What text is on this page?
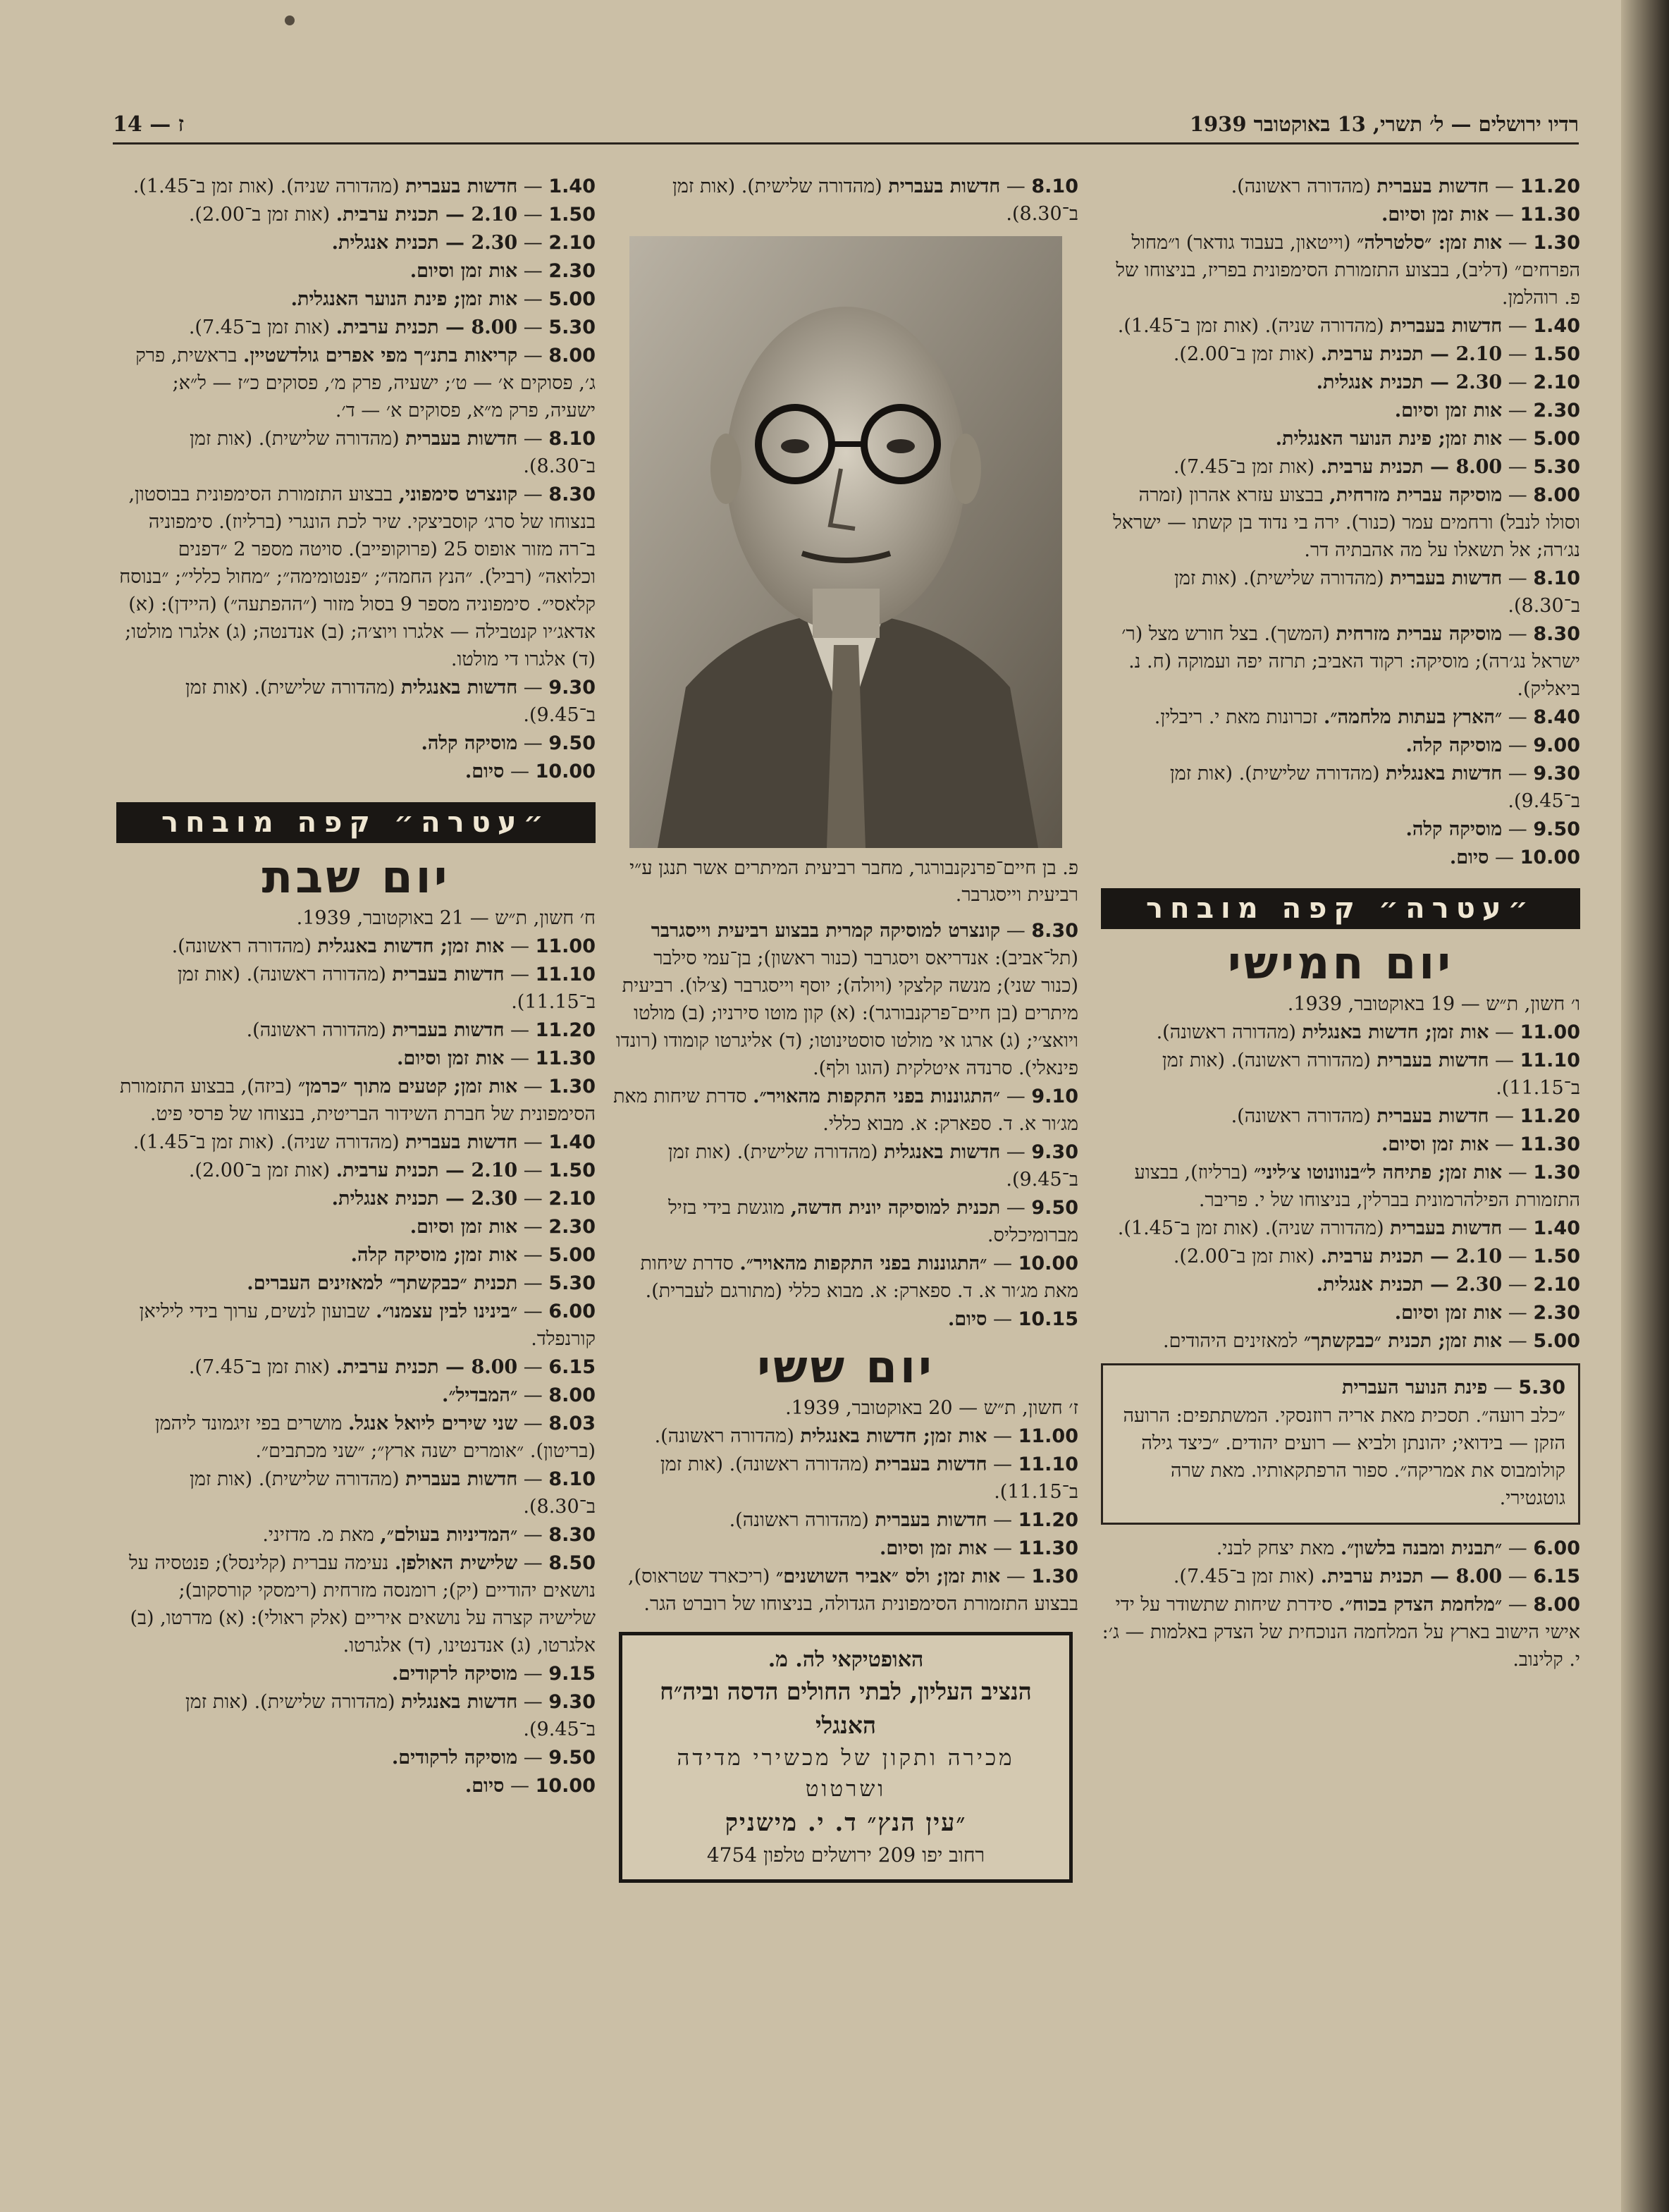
רדיו ירושלים — ל׳ תשרי, 13 באוקטובר 1939
ז — 14
11.20 — חדשות בעברית (מהדורה ראשונה).
11.30 — אות זמן וסיום.
1.30 — אות זמן: ״סלטרלה״ (וייטאון, בעבוד גודאר) ו״מחול הפרחים״ (דליב), בבצוע התזמורת הסימפונית בפריז, בניצוחו של פ. רוהלמן.
1.40 — חדשות בעברית (מהדורה שניה). (אות זמן ב־1.45).
1.50 — 2.10 — תכנית ערבית. (אות זמן ב־2.00).
2.10 — 2.30 — תכנית אנגלית.
2.30 — אות זמן וסיום.
5.00 — אות זמן; פינת הנוער האנגלית.
5.30 — 8.00 — תכנית ערבית. (אות זמן ב־7.45).
8.00 — מוסיקה עברית מזרחית, בבצוע עזרא אהרון (זמרה וסולו לנבל) ורחמים עמר (כנור). ירה בי נדוד בן קשתו — ישראל נג׳רה; אל תשאלו על מה אהבתיה דר.
8.10 — חדשות בעברית (מהדורה שלישית). (אות זמן ב־8.30).
8.30 — מוסיקה עברית מזרחית (המשך). בצל חורש מצל (ר׳ ישראל נג׳רה); מוסיקה: רקוד האביב; תרזה יפה ועמוקה (ח. נ. ביאליק).
8.40 — ״הארץ בעתות מלחמה״. זכרונות מאת י. ריבלין.
9.00 — מוסיקה קלה.
9.30 — חדשות באנגלית (מהדורה שלישית). (אות זמן ב־9.45).
9.50 — מוסיקה קלה.
10.00 — סיום.
״עטרה״ קפה מובחר
יום חמישי
ו׳ חשון, ת״ש — 19 באוקטובר, 1939.
11.00 — אות זמן; חדשות באנגלית (מהדורה ראשונה).
11.10 — חדשות בעברית (מהדורה ראשונה). (אות זמן ב־11.15).
11.20 — חדשות בעברית (מהדורה ראשונה).
11.30 — אות זמן וסיום.
1.30 — אות זמן; פתיחה ל״בנוונוטו צ׳ליני״ (ברליוז), בבצוע התזמורת הפילהרמונית בברלין, בניצוחו של י. פריבר.
1.40 — חדשות בעברית (מהדורה שניה). (אות זמן ב־1.45).
1.50 — 2.10 — תכנית ערבית. (אות זמן ב־2.00).
2.10 — 2.30 — תכנית אנגלית.
2.30 — אות זמן וסיום.
5.00 — אות זמן; תכנית ״כבקשתך״ למאזינים היהודים.
5.30 — פינת הנוער העברית
״כלב רועה״. תסכית מאת אריה רוזנסקי. המשתתפים: הרועה הזקן — בידואי; יהונתן ולביא — רועים יהודים. ״כיצד גילה קולומבוס את אמריקה״. ספור הרפתקאותיו. מאת שרה גוטגטירי.
6.00 — ״תבנית ומבנה בלשון״. מאת יצחק לבני.
6.15 — 8.00 — תכנית ערבית. (אות זמן ב־7.45).
8.00 — ״מלחמת הצדק בכוח״. סידרת שיחות שתשודר על ידי אישי הישוב בארץ על המלחמה הנוכחית של הצדק באלמות — ג׳: י. קלינוב.
8.10 — חדשות בעברית (מהדורה שלישית). (אות זמן ב־8.30).
פ. בן חיים־פרנקנבורגר, מחבר רביעית המיתרים אשר תנגן ע״י רביעית וייסגרבר.
8.30 — קונצרט למוסיקה קמרית בבצוע רביעית וייסגרבר (תל־אביב): אנדריאס ויסגרבר (כנור ראשון); בן־עמי סילבר (כנור שני); מנשה קלצקי (ויולה); יוסף וייסגרבר (צ׳לו). רביעית מיתרים (בן חיים־פרקנבורגר): (א) קון מוטו סירניו; (ב) מולטו ויואצ׳י; (ג) ארגו אי מולטו סוסטינוטו; (ד) אליגרטו קומודו (רונדו פינאלי). סרנדה איטלקית (הוגו ולף).
9.10 — ״התגוננות בפני התקפות מהאויר״. סדרת שיחות מאת מג׳ור א. ד. ספארק: א. מבוא כללי.
9.30 — חדשות באנגלית (מהדורה שלישית). (אות זמן ב־9.45).
9.50 — תכנית למוסיקה יונית חדשה, מוגשת בידי בזיל מברומיכליס.
10.00 — ״התגוננות בפני התקפות מהאויר״. סדרת שיחות מאת מג׳ור א. ד. ספארק: א. מבוא כללי (מתורגם לעברית).
10.15 — סיום.
יום ששי
ז׳ חשון, ת״ש — 20 באוקטובר, 1939.
11.00 — אות זמן; חדשות באנגלית (מהדורה ראשונה).
11.10 — חדשות בעברית (מהדורה ראשונה). (אות זמן ב־11.15).
11.20 — חדשות בעברית (מהדורה ראשונה).
11.30 — אות זמן וסיום.
1.30 — אות זמן; ולס ״אביר השושנים״ (ריכארד שטראוס), בבצוע התזמורת הסימפונית הגדולה, בניצוחו של רוברט הגר.
האופטיקאי לה. מ.
הנציב העליון, לבתי החולים הדסה וביה״ח האנגלי
מכירה ותקון של מכשירי מדידה ושרטוט
״עין הנץ״ ד. י. מישניק
רחוב יפו 209 ירושלים טלפון 4754
1.40 — חדשות בעברית (מהדורה שניה). (אות זמן ב־1.45).
1.50 — 2.10 — תכנית ערבית. (אות זמן ב־2.00).
2.10 — 2.30 — תכנית אנגלית.
2.30 — אות זמן וסיום.
5.00 — אות זמן; פינת הנוער האנגלית.
5.30 — 8.00 — תכנית ערבית. (אות זמן ב־7.45).
8.00 — קריאות בתנ״ך מפי אפרים גולדשטיין. בראשית, פרק ג׳, פסוקים א׳ — ט׳; ישעיה, פרק מ׳, פסוקים כ״ז — ל״א; ישעיה, פרק מ״א, פסוקים א׳ — ד׳.
8.10 — חדשות בעברית (מהדורה שלישית). (אות זמן ב־8.30).
8.30 — קונצרט סימפוני, בבצוע התזמורת הסימפונית בבוסטון, בנצוחו של סרג׳ קוסביצקי. שיר לכת הונגרי (ברליוז). סימפוניה ב־רה מזור אופוס 25 (פרוקופייב). סויטה מספר 2 ״דפנים וכלואה״ (רביל). ״הנץ החמה״; ״פנטומימה״; ״מחול כללי״; ״בנוסח קלאסי״. סימפוניה מספר 9 בסול מזור (״ההפתעה״) (היידן): (א) אדאג׳יו קנטבילה — אלגרו ויוצ׳ה; (ב) אנדנטה; (ג) אלגרו מולטו; (ד) אלגרו די מולטו.
9.30 — חדשות באנגלית (מהדורה שלישית). (אות זמן ב־9.45).
9.50 — מוסיקה קלה.
10.00 — סיום.
״עטרה״ קפה מובחר
יום שבת
ח׳ חשון, ת״ש — 21 באוקטובר, 1939.
11.00 — אות זמן; חדשות באנגלית (מהדורה ראשונה).
11.10 — חדשות בעברית (מהדורה ראשונה). (אות זמן ב־11.15).
11.20 — חדשות בעברית (מהדורה ראשונה).
11.30 — אות זמן וסיום.
1.30 — אות זמן; קטעים מתוך ״כרמן״ (ביזה), בבצוע התזמורת הסימפונית של חברת השידור הבריטית, בנצוחו של פרסי פיט.
1.40 — חדשות בעברית (מהדורה שניה). (אות זמן ב־1.45).
1.50 — 2.10 — תכנית ערבית. (אות זמן ב־2.00).
2.10 — 2.30 — תכנית אנגלית.
2.30 — אות זמן וסיום.
5.00 — אות זמן; מוסיקה קלה.
5.30 — תכנית ״כבקשתך״ למאזינים העברים.
6.00 — ״בינינו לבין עצמנו״. שבועון לנשים, ערוך בידי ליליאן קורנפלד.
6.15 — 8.00 — תכנית ערבית. (אות זמן ב־7.45).
8.00 — ״המבדיל״.
8.03 — שני שירים ליואל אנגל. מושרים בפי זיגמונד ליהמן (בריטון). ״אומרים ישנה ארץ״; ״שני מכתבים״.
8.10 — חדשות בעברית (מהדורה שלישית). (אות זמן ב־8.30).
8.30 — ״המדיניות בעולם״, מאת מ. מדזיני.
8.50 — שלישית האולפן. נעימה עברית (קלינסל); פנטסיה על נושאים יהודיים (יק); רומנסה מזרחית (רימסקי קורסקוב); שלישיה קצרה על נושאים איריים (אלק ראולי): (א) מדרטו, (ב) אלגרטו, (ג) אנדנטינו, (ד) אלגרטו.
9.15 — מוסיקה לרקודים.
9.30 — חדשות באנגלית (מהדורה שלישית). (אות זמן ב־9.45).
9.50 — מוסיקה לרקודים.
10.00 — סיום.
